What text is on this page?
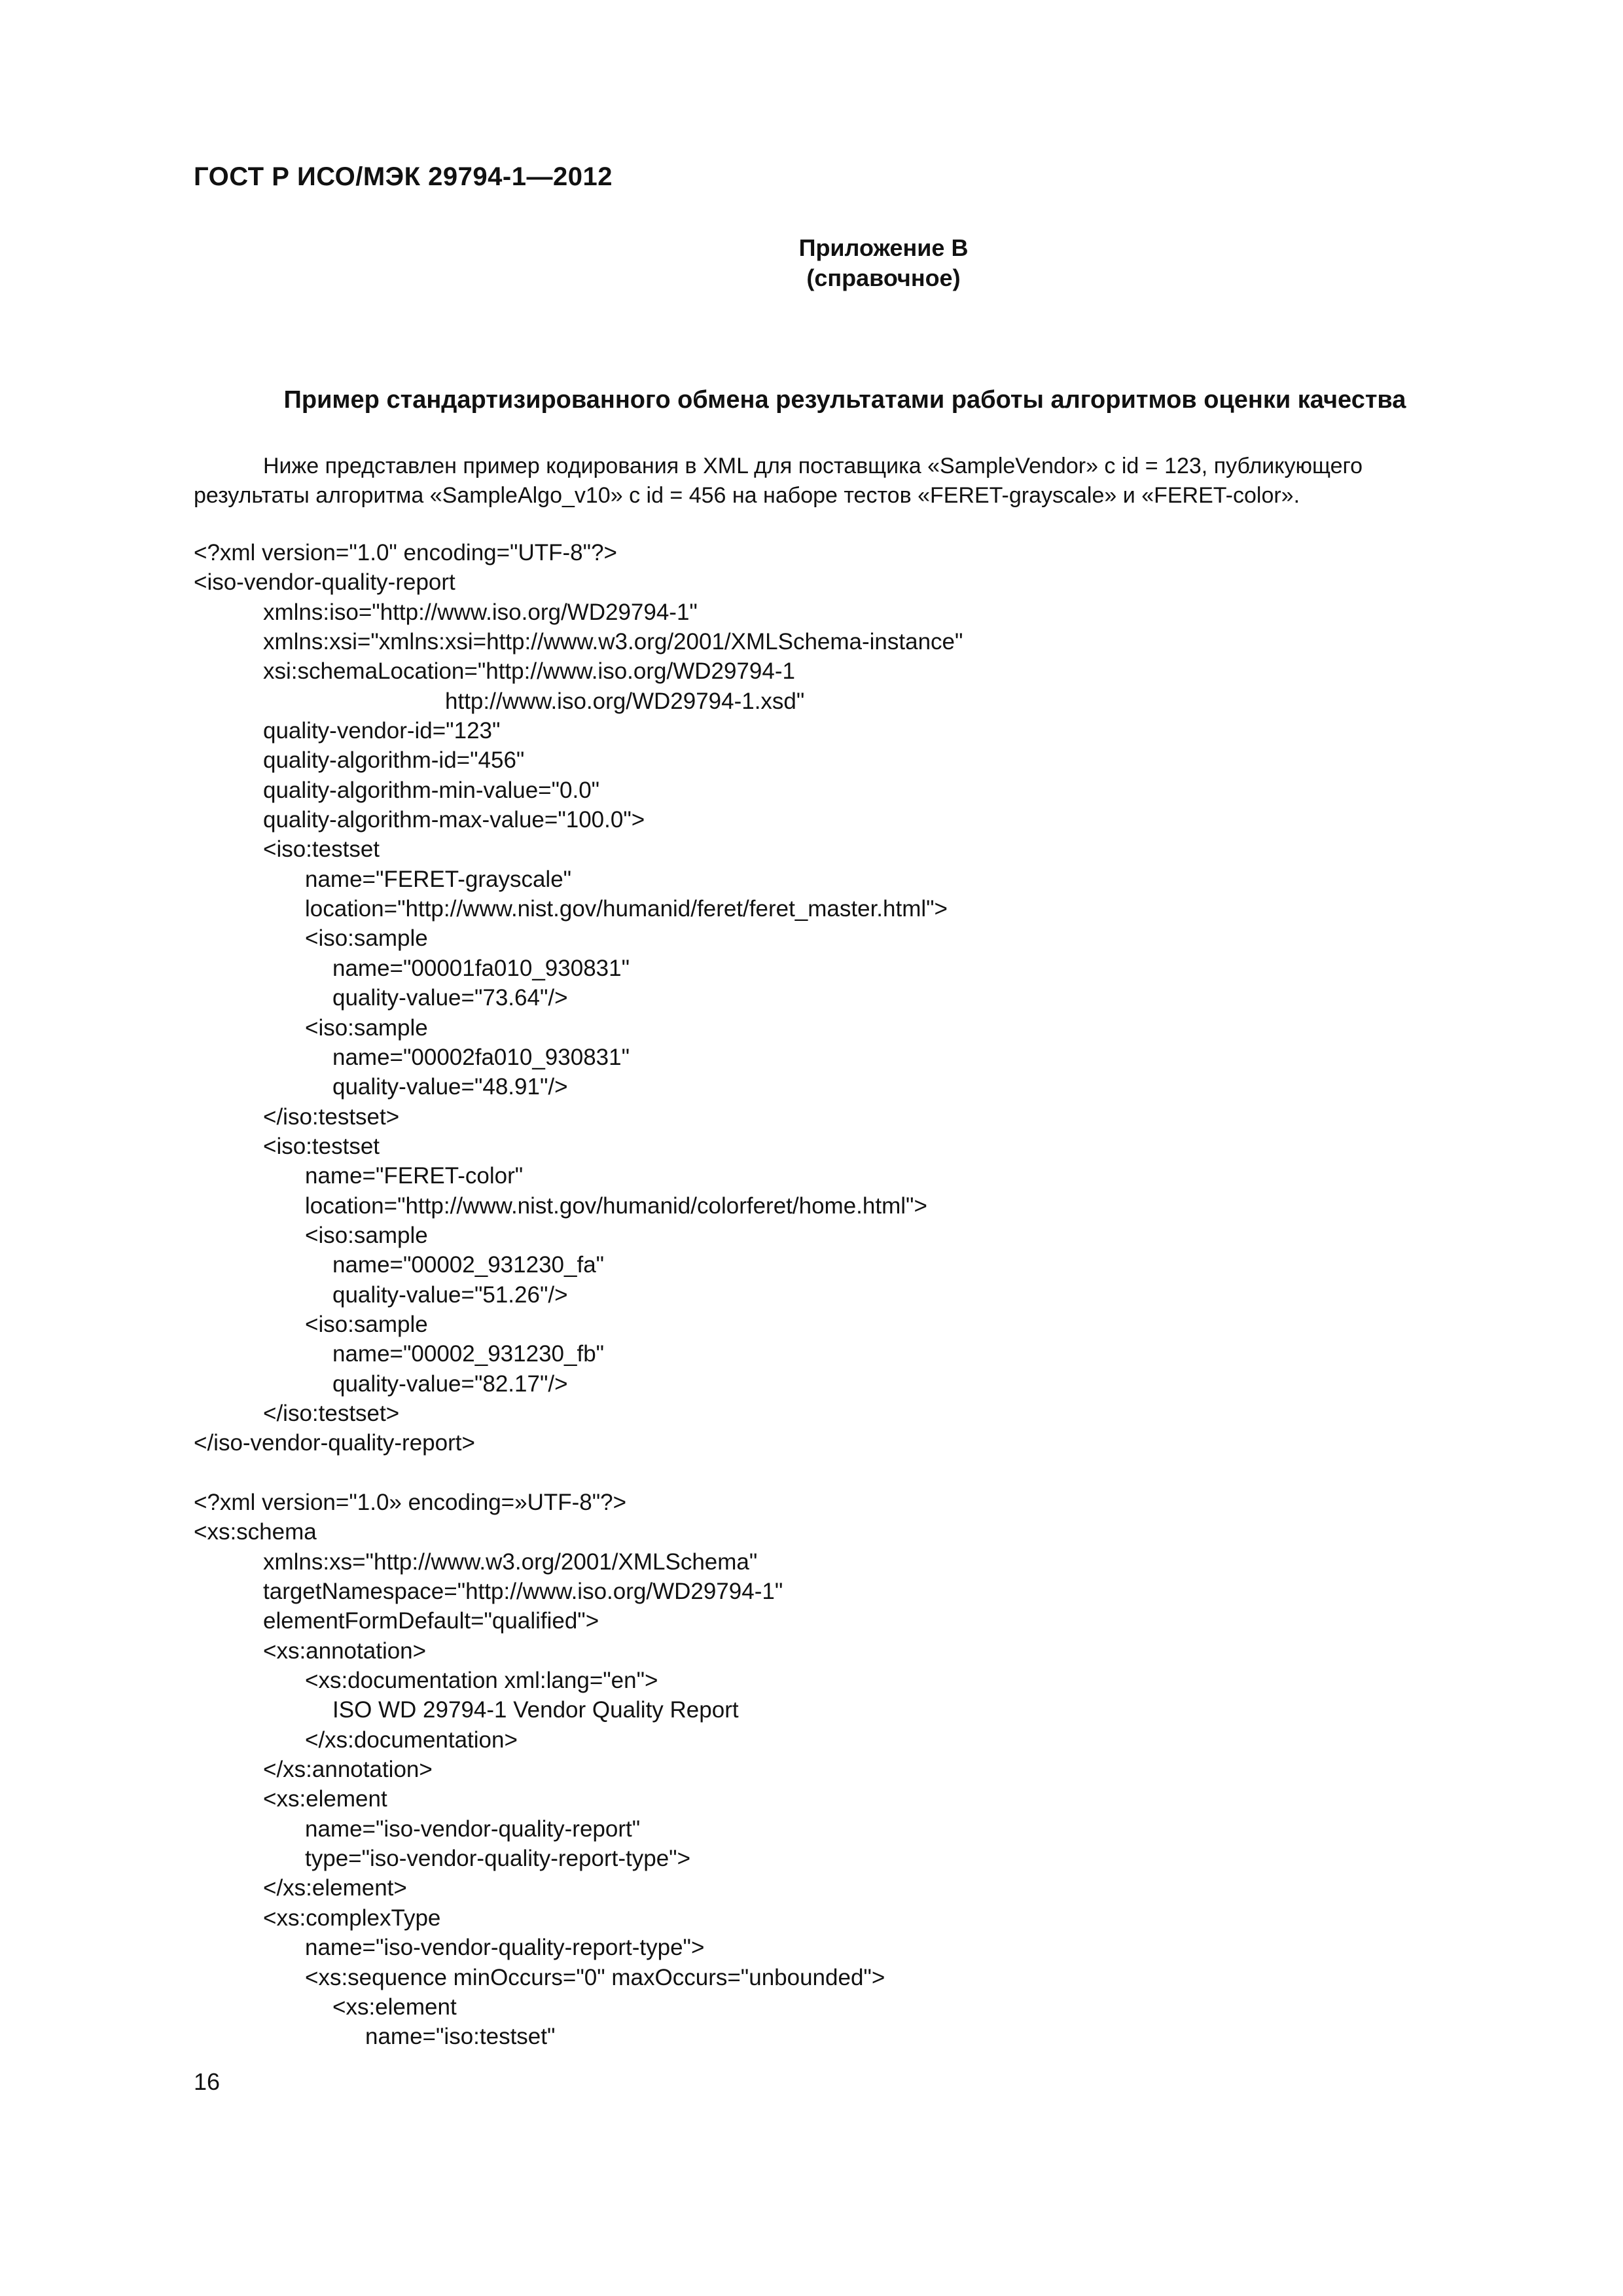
ГОСТ Р ИСО/МЭК 29794-1—2012
Приложение В
(справочное)
Пример стандартизированного обмена результатами работы алгоритмов оценки качества
Ниже представлен пример кодирования в XML для поставщика «SampleVendor» с id = 123, публикующего
результаты алгоритма «SampleAlgo_v10» с id = 456 на наборе тестов «FERET-grayscale» и «FERET-color».
<?xml version="1.0" encoding="UTF-8"?>
<iso-vendor-quality-report
xmlns:iso="http://www.iso.org/WD29794-1"
xmlns:xsi="xmlns:xsi=http://www.w3.org/2001/XMLSchema-instance"
xsi:schemaLocation="http://www.iso.org/WD29794-1
http://www.iso.org/WD29794-1.xsd"
quality-vendor-id="123"
quality-algorithm-id="456"
quality-algorithm-min-value="0.0"
quality-algorithm-max-value="100.0">
<iso:testset
name="FERET-grayscale"
location="http://www.nist.gov/humanid/feret/feret_master.html">
<iso:sample
name="00001fa010_930831"
quality-value="73.64"/>
<iso:sample
name="00002fa010_930831"
quality-value="48.91"/>
</iso:testset>
<iso:testset
name="FERET-color"
location="http://www.nist.gov/humanid/colorferet/home.html">
<iso:sample
name="00002_931230_fa"
quality-value="51.26"/>
<iso:sample
name="00002_931230_fb"
quality-value="82.17"/>
</iso:testset>
</iso-vendor-quality-report>
<?xml version="1.0» encoding=»UTF-8"?>
<xs:schema
xmlns:xs="http://www.w3.org/2001/XMLSchema"
targetNamespace="http://www.iso.org/WD29794-1"
elementFormDefault="qualified">
<xs:annotation>
<xs:documentation xml:lang="en">
ISO WD 29794-1 Vendor Quality Report
</xs:documentation>
</xs:annotation>
<xs:element
name="iso-vendor-quality-report"
type="iso-vendor-quality-report-type">
</xs:element>
<xs:complexType
name="iso-vendor-quality-report-type">
<xs:sequence minOccurs="0" maxOccurs="unbounded">
<xs:element
name="iso:testset"
16
